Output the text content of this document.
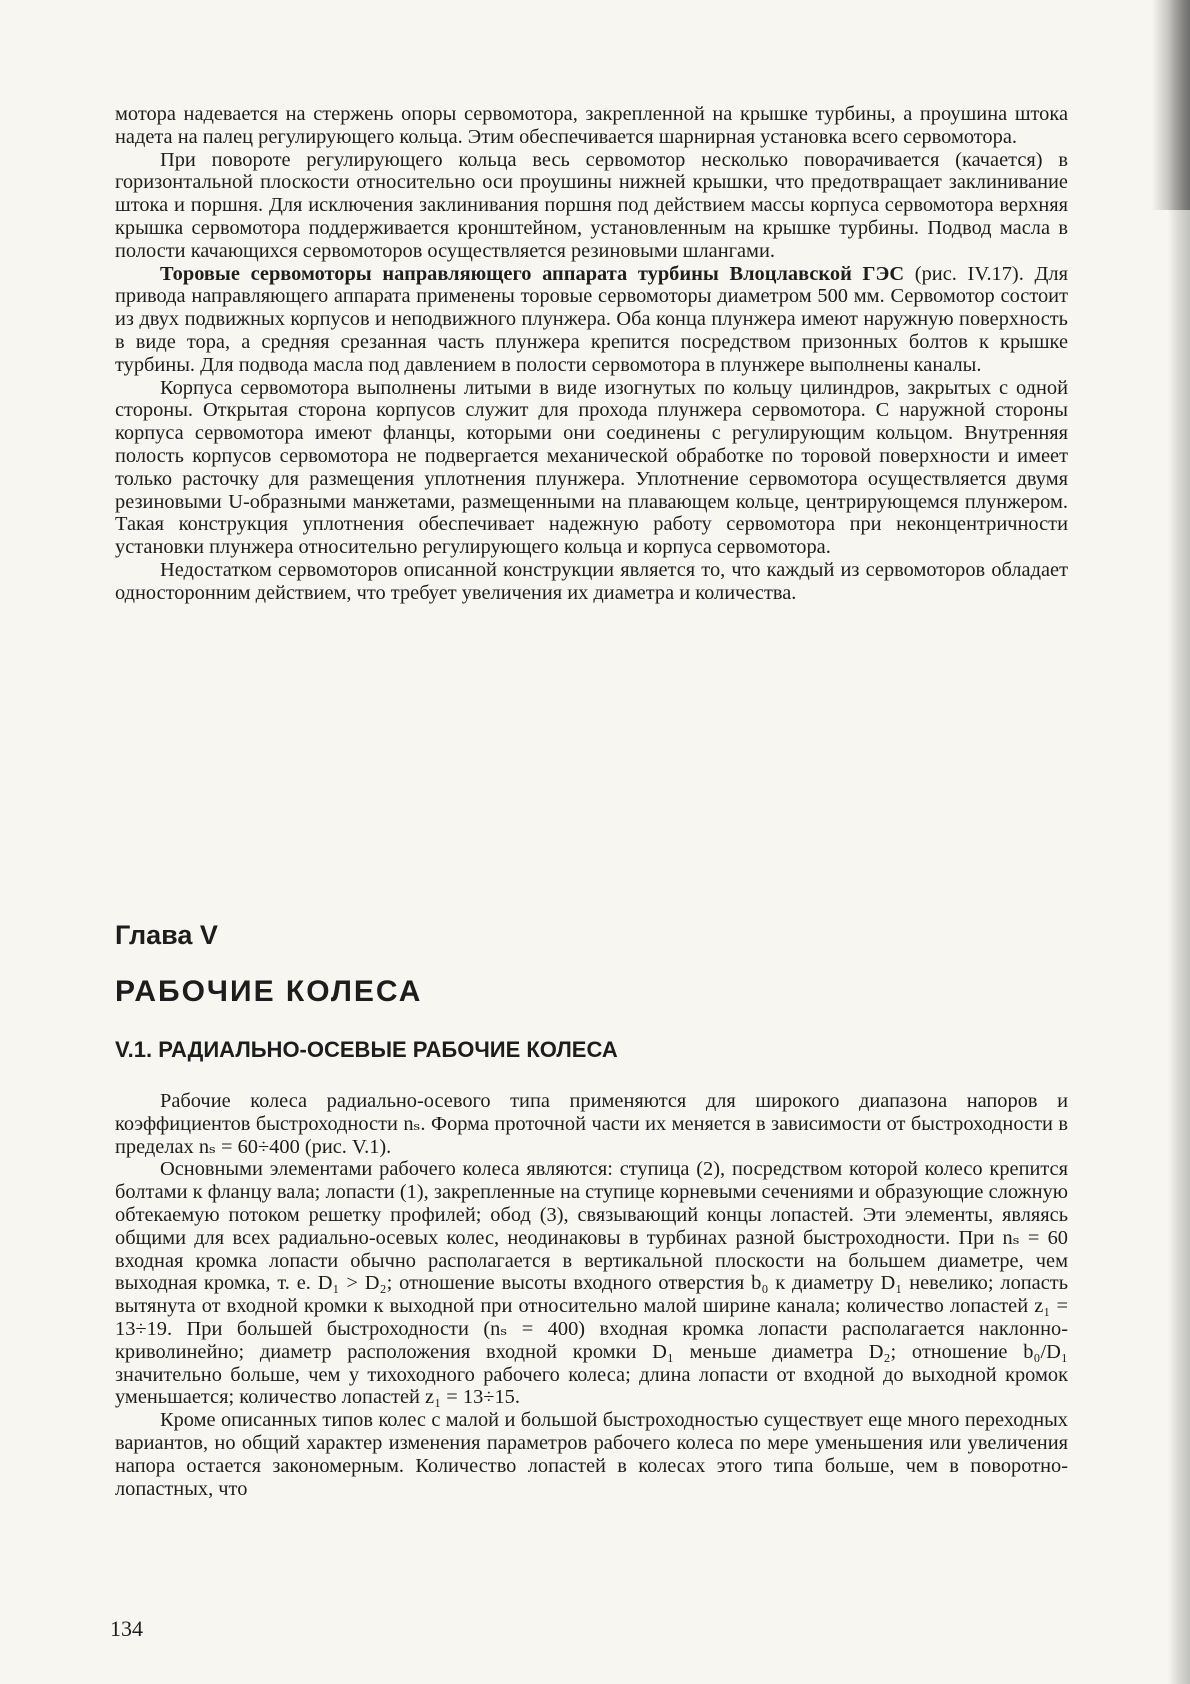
мотора надевается на стержень опоры сервомотора, закрепленной на крышке турбины, а проушина штока надета на палец регулирующего кольца. Этим обеспечивается шарнирная установка всего сервомотора.

При повороте регулирующего кольца весь сервомотор несколько поворачивается (качается) в горизонтальной плоскости относительно оси проушины нижней крышки, что предотвращает заклинивание штока и поршня. Для исключения заклинивания поршня под действием массы корпуса сервомотора верхняя крышка сервомотора поддерживается кронштейном, установленным на крышке турбины. Подвод масла в полости качающихся сервомоторов осуществляется резиновыми шлангами.

Торовые сервомоторы направляющего аппарата турбины Влоцлавской ГЭС (рис. IV.17). Для привода направляющего аппарата применены торовые сервомоторы диаметром 500 мм. Сервомотор состоит из двух подвижных корпусов и неподвижного плунжера. Оба конца плунжера имеют наружную поверхность в виде тора, а средняя срезанная часть плунжера крепится посредством призонных болтов к крышке турбины. Для подвода масла под давлением в полости сервомотора в плунжере выполнены каналы.

Корпуса сервомотора выполнены литыми в виде изогнутых по кольцу цилиндров, закрытых с одной стороны. Открытая сторона корпусов служит для прохода плунжера сервомотора. С наружной стороны корпуса сервомотора имеют фланцы, которыми они соединены с регулирующим кольцом. Внутренняя полость корпусов сервомотора не подвергается механической обработке по торовой поверхности и имеет только расточку для размещения уплотнения плунжера. Уплотнение сервомотора осуществляется двумя резиновыми U-образными манжетами, размещенными на плавающем кольце, центрирующемся плунжером. Такая конструкция уплотнения обеспечивает надежную работу сервомотора при неконцентричности установки плунжера относительно регулирующего кольца и корпуса сервомотора.

Недостатком сервомоторов описанной конструкции является то, что каждый из сервомоторов обладает односторонним действием, что требует увеличения их диаметра и количества.

Глава V
РАБОЧИЕ КОЛЕСА
V.1. РАДИАЛЬНО-ОСЕВЫЕ РАБОЧИЕ КОЛЕСА

Рабочие колеса радиально-осевого типа применяются для широкого диапазона напоров и коэффициентов быстроходности nₛ. Форма проточной части их меняется в зависимости от быстроходности в пределах nₛ = 60÷400 (рис. V.1).

Основными элементами рабочего колеса являются: ступица (2), посредством которой колесо крепится болтами к фланцу вала; лопасти (1), закрепленные на ступице корневыми сечениями и образующие сложную обтекаемую потоком решетку профилей; обод (3), связывающий концы лопастей. Эти элементы, являясь общими для всех радиально-осевых колес, неодинаковы в турбинах разной быстроходности. При nₛ = 60 входная кромка лопасти обычно располагается в вертикальной плоскости на большем диаметре, чем выходная кромка, т. е. D₁ > D₂; отношение высоты входного отверстия b₀ к диаметру D₁ невелико; лопасть вытянута от входной кромки к выходной при относительно малой ширине канала; количество лопастей z₁ = 13÷19. При большей быстроходности (nₛ = 400) входная кромка лопасти располагается наклонно-криволинейно; диаметр расположения входной кромки D₁ меньше диаметра D₂; отношение b₀/D₁ значительно больше, чем у тихоходного рабочего колеса; длина лопасти от входной до выходной кромок уменьшается; количество лопастей z₁ = 13÷15.

Кроме описанных типов колес с малой и большой быстроходностью существует еще много переходных вариантов, но общий характер изменения параметров рабочего колеса по мере уменьшения или увеличения напора остается закономерным. Количество лопастей в колесах этого типа больше, чем в поворотно-лопастных, что

134
